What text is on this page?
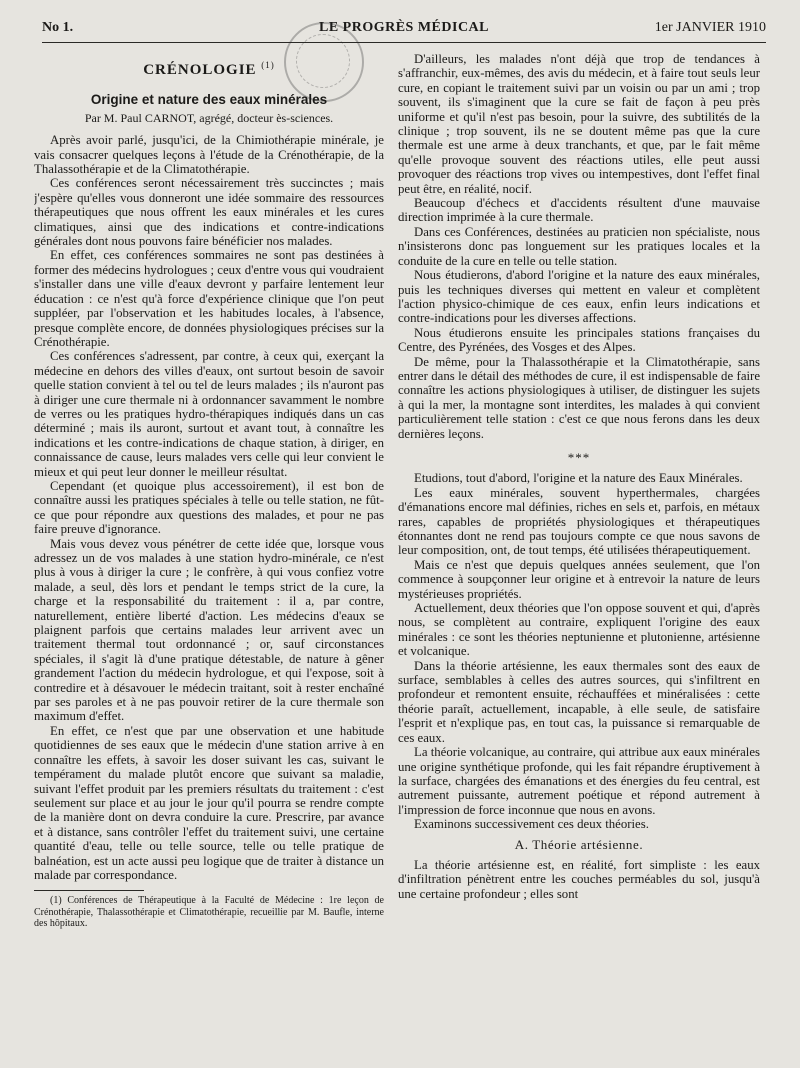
No 1.	LE PROGRÈS MÉDICAL	1er JANVIER 1910
CRÉNOLOGIE $^{(1)}$
Origine et nature des eaux minérales
Par M. Paul CARNOT, agrégé, docteur ès-sciences.

Après avoir parlé, jusqu'ici, de la Chimiothérapie minérale, je vais consacrer quelques leçons à l'étude de la Crénothérapie, de la Thalassothérapie et de la Climatothérapie.

Ces conférences seront nécessairement très succinctes ; mais j'espère qu'elles vous donneront une idée sommaire des ressources thérapeutiques que nous offrent les eaux minérales et les cures climatiques, ainsi que des indications et contre-indications générales dont nous pouvons faire bénéficier nos malades.

En effet, ces conférences sommaires ne sont pas destinées à former des médecins hydrologues ; ceux d'entre vous qui voudraient s'installer dans une ville d'eaux devront y parfaire lentement leur éducation : ce n'est qu'à force d'expérience clinique que l'on peut suppléer, par l'observation et les habitudes locales, à l'absence, presque complète encore, de données physiologiques précises sur la Crénothérapie.

Ces conférences s'adressent, par contre, à ceux qui, exerçant la médecine en dehors des villes d'eaux, ont surtout besoin de savoir quelle station convient à tel ou tel de leurs malades ; ils n'auront pas à diriger une cure thermale ni à ordonnancer savamment le nombre de verres ou les pratiques hydro-thérapiques indiqués dans un cas déterminé ; mais ils auront, surtout et avant tout, à connaître les indications et les contre-indications de chaque station, à diriger, en connaissance de cause, leurs malades vers celle qui leur convient le mieux et qui peut leur donner le meilleur résultat.

Cependant (et quoique plus accessoirement), il est bon de connaître aussi les pratiques spéciales à telle ou telle station, ne fût-ce que pour répondre aux questions des malades, et pour ne pas faire preuve d'ignorance.

Mais vous devez vous pénétrer de cette idée que, lorsque vous adressez un de vos malades à une station hydro-minérale, ce n'est plus à vous à diriger la cure ; le confrère, à qui vous confiez votre malade, a seul, dès lors et pendant le temps strict de la cure, la charge et la responsabilité du traitement : il a, par contre, naturellement, entière liberté d'action. Les médecins d'eaux se plaignent parfois que certains malades leur arrivent avec un traitement thermal tout ordonnancé ; or, sauf circonstances spéciales, il s'agit là d'une pratique détestable, de nature à gêner grandement l'action du médecin hydrologue, et qui l'expose, soit à contredire et à désavouer le médecin traitant, soit à rester enchaîné par ses paroles et à ne pas pouvoir retirer de la cure thermale son maximum d'effet.

En effet, ce n'est que par une observation et une habitude quotidiennes de ses eaux que le médecin d'une station arrive à en connaître les effets, à savoir les doser suivant les cas, suivant le tempérament du malade plutôt encore que suivant sa maladie, suivant l'effet produit par les premiers résultats du traitement : c'est seulement sur place et au jour le jour qu'il pourra se rendre compte de la manière dont on devra conduire la cure. Prescrire, par avance et à distance, sans contrôler l'effet du traitement suivi, une certaine quantité d'eau, telle ou telle source, telle ou telle pratique de balnéation, est un acte aussi peu logique que de traiter à distance un malade par correspondance.

(1) Conférences de Thérapeutique à la Faculté de Médecine : 1re leçon de Crénothérapie, Thalassothérapie et Climatothérapie, recueillie par M. Baufle, interne des hôpitaux.

D'ailleurs, les malades n'ont déjà que trop de tendances à s'affranchir, eux-mêmes, des avis du médecin, et à faire tout seuls leur cure, en copiant le traitement suivi par un voisin ou par un ami ; trop souvent, ils s'imaginent que la cure se fait de façon à peu près uniforme et qu'il n'est pas besoin, pour la suivre, des subtilités de la clinique ; trop souvent, ils ne se doutent même pas que la cure thermale est une arme à deux tranchants, et que, par le fait même qu'elle provoque souvent des réactions utiles, elle peut aussi provoquer des réactions trop vives ou intempestives, dont l'effet final peut être, en réalité, nocif.

Beaucoup d'échecs et d'accidents résultent d'une mauvaise direction imprimée à la cure thermale.

Dans ces Conférences, destinées au praticien non spécialiste, nous n'insisterons donc pas longuement sur les pratiques locales et la conduite de la cure en telle ou telle station.

Nous étudierons, d'abord l'origine et la nature des eaux minérales, puis les techniques diverses qui mettent en valeur et complètent l'action physico-chimique de ces eaux, enfin leurs indications et contre-indications pour les diverses affections.

Nous étudierons ensuite les principales stations françaises du Centre, des Pyrénées, des Vosges et des Alpes.

De même, pour la Thalassothérapie et la Climatothérapie, sans entrer dans le détail des méthodes de cure, il est indispensable de faire connaître les actions physiologiques à utiliser, de distinguer les sujets à qui la mer, la montagne sont interdites, les malades à qui convient particulièrement telle station : c'est ce que nous ferons dans les deux dernières leçons.

***

Etudions, tout d'abord, l'origine et la nature des Eaux Minérales.

Les eaux minérales, souvent hyperthermales, chargées d'émanations encore mal définies, riches en sels et, parfois, en métaux rares, capables de propriétés physiologiques et thérapeutiques étonnantes dont ne rend pas toujours compte ce que nous savons de leur composition, ont, de tout temps, été utilisées thérapeutiquement.

Mais ce n'est que depuis quelques années seulement, que l'on commence à soupçonner leur origine et à entrevoir la nature de leurs mystérieuses propriétés.

Actuellement, deux théories que l'on oppose souvent et qui, d'après nous, se complètent au contraire, expliquent l'origine des eaux minérales : ce sont les théories neptunienne et plutonienne, artésienne et volcanique.

Dans la théorie artésienne, les eaux thermales sont des eaux de surface, semblables à celles des autres sources, qui s'infiltrent en profondeur et remontent ensuite, réchauffées et minéralisées : cette théorie paraît, actuellement, incapable, à elle seule, de satisfaire l'esprit et n'explique pas, en tout cas, la puissance si remarquable de ces eaux.

La théorie volcanique, au contraire, qui attribue aux eaux minérales une origine synthétique profonde, qui les fait répandre éruptivement à la surface, chargées des émanations et des énergies du feu central, est autrement puissante, autrement poétique et répond autrement à l'impression de force inconnue que nous en avons.

Examinons successivement ces deux théories.

A. Théorie artésienne.

La théorie artésienne est, en réalité, fort simpliste : les eaux d'infiltration pénètrent entre les couches perméables du sol, jusqu'à une certaine profondeur ; elles sont
